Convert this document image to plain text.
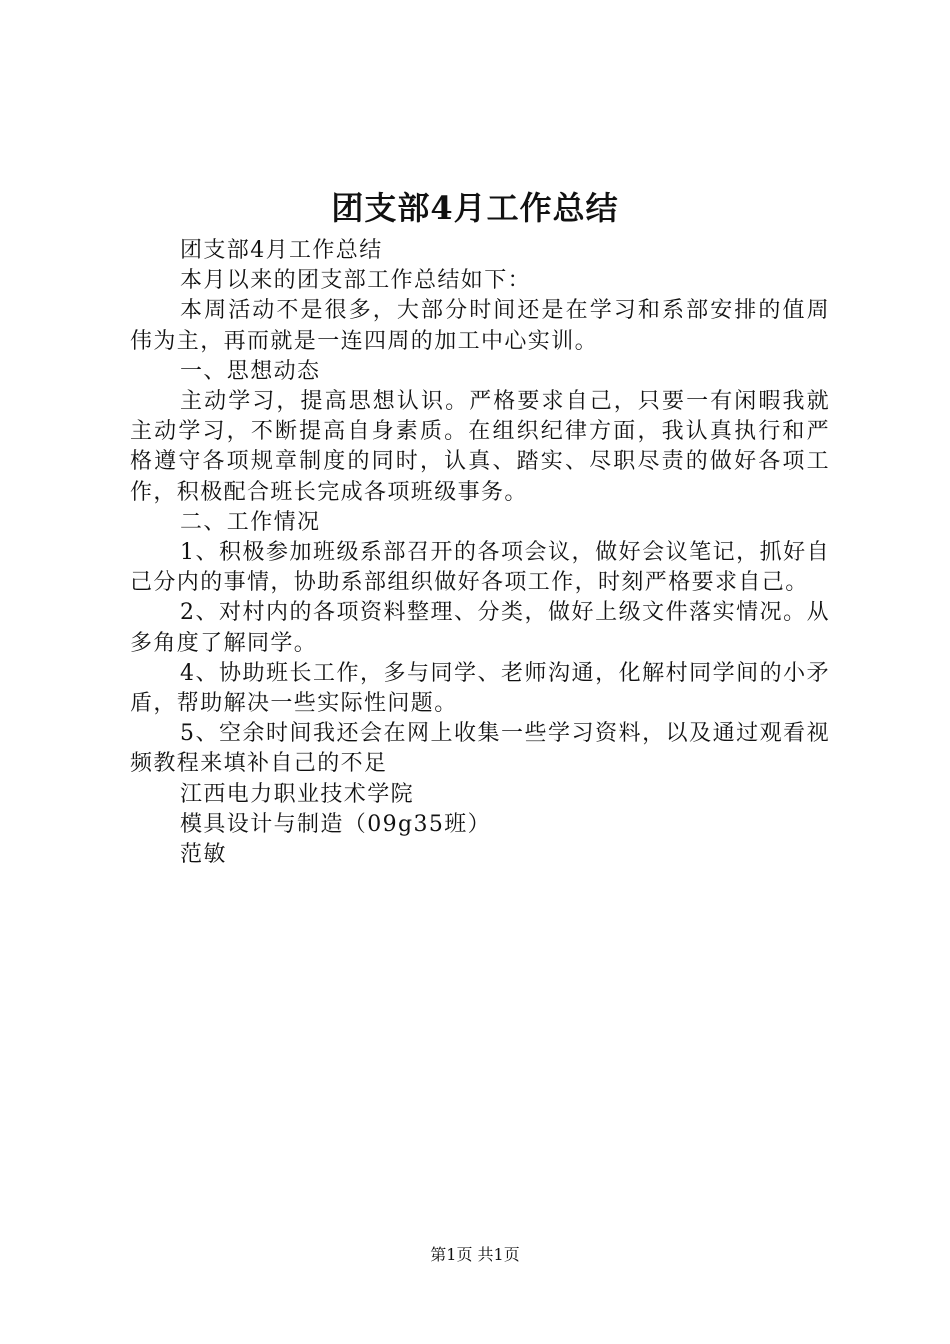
团支部4月工作总结

团支部4月工作总结

本月以来的团支部工作总结如下：

本周活动不是很多，大部分时间还是在学习和系部安排的值周伟为主，再而就是一连四周的加工中心实训。

一、思想动态

主动学习，提高思想认识。严格要求自己，只要一有闲暇我就主动学习，不断提高自身素质。在组织纪律方面，我认真执行和严格遵守各项规章制度的同时，认真、踏实、尽职尽责的做好各项工作，积极配合班长完成各项班级事务。

二、工作情况

1、积极参加班级系部召开的各项会议，做好会议笔记，抓好自己分内的事情，协助系部组织做好各项工作，时刻严格要求自己。

2、对村内的各项资料整理、分类，做好上级文件落实情况。从多角度了解同学。

4、协助班长工作，多与同学、老师沟通，化解村同学间的小矛盾，帮助解决一些实际性问题。

5、空余时间我还会在网上收集一些学习资料，以及通过观看视频教程来填补自己的不足

江西电力职业技术学院

模具设计与制造（09g35班）

范敏

第1页 共1页
